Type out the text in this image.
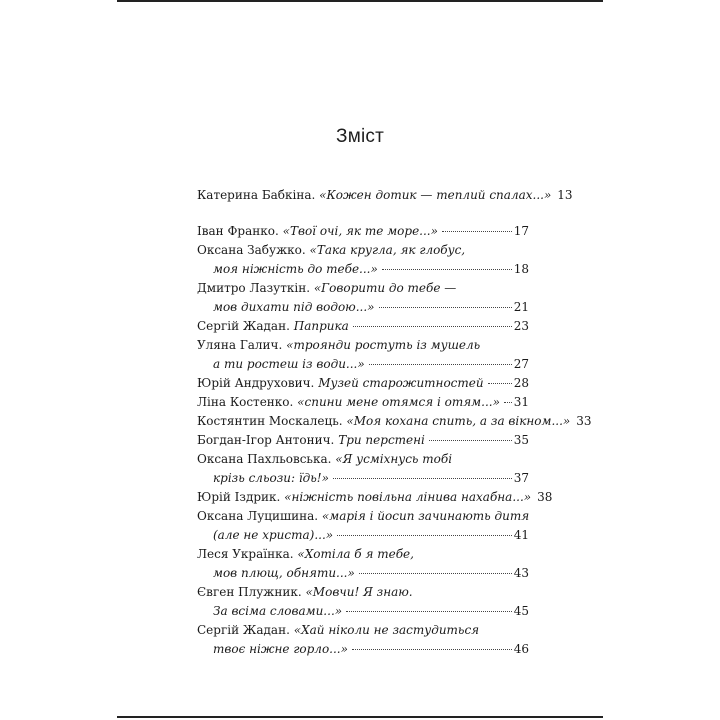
Зміст
Катерина Бабкіна. «Кожен дотик — теплий спалах...» 13
Іван Франко. «Твої очі, як те море...»	17
Оксана Забужко. «Така кругла, як глобус,
моя ніжність до тебе...»	18
Дмитро Лазуткін. «Говорити до тебе —
мов дихати під водою...»	21
Сергій Жадан. Паприка	23
Уляна Галич. «троянди ростуть із мушель
а ти ростеш із води...»	27
Юрій Андрухович. Музей старожитностей	28
Ліна Костенко. «спини мене отямся і отям...» 31
Костянтин Москалець. «Моя кохана спить, а за вікном...» 33
Богдан-Ігор Антонич. Три перстені	35
Оксана Пахльовська. «Я усміхнусь тобі
крізь сльози: їдь!»	37
Юрій Іздрик. «ніжність повільна лінива нахабна...» 38
Оксана Луцишина. «марія і йосип зачинають дитя
(але не христа)...»	41
Леся Українка. «Хотіла б я тебе,
мов плющ, обняти...»	43
Євген Плужник. «Мовчи! Я знаю.
За всіма словами...»	45
Сергій Жадан. «Хай ніколи не застудиться
твоє ніжне горло...»	46
